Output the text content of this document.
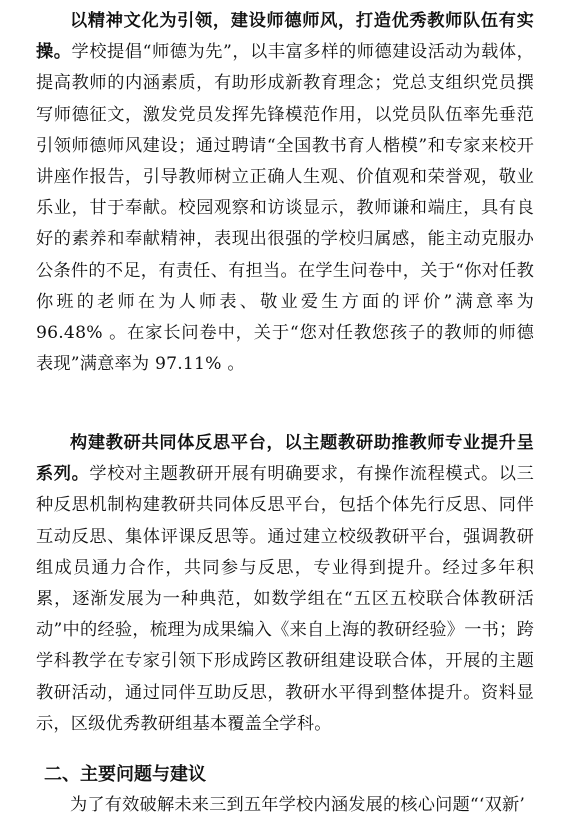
以精神文化为引领，建设师德师风，打造优秀教师队伍有实操。学校提倡“师德为先”，以丰富多样的师德建设活动为载体，提高教师的内涵素质，有助形成新教育理念；党总支组织党员撰写师德征文，激发党员发挥先锋模范作用，以党员队伍率先垂范引领师德师风建设；通过聘请“全国教书育人楷模”和专家来校开讲座作报告，引导教师树立正确人生观、价值观和荣誉观，敬业乐业，甘于奉献。校园观察和访谈显示，教师谦和端庄，具有良好的素养和奉献精神，表现出很强的学校归属感，能主动克服办公条件的不足，有责任、有担当。在学生问卷中，关于“你对任教你班的老师在为人师表、敬业爱生方面的评价”满意率为 96.48% 。在家长问卷中，关于“您对任教您孩子的教师的师德表现”满意率为 97.11% 。

构建教研共同体反思平台，以主题教研助推教师专业提升呈系列。学校对主题教研开展有明确要求，有操作流程模式。以三种反思机制构建教研共同体反思平台，包括个体先行反思、同伴互动反思、集体评课反思等。通过建立校级教研平台，强调教研组成员通力合作，共同参与反思，专业得到提升。经过多年积累，逐渐发展为一种典范，如数学组在“五区五校联合体教研活动”中的经验，梳理为成果编入《来自上海的教研经验》一书；跨学科教学在专家引领下形成跨区教研组建设联合体，开展的主题教研活动，通过同伴互助反思，教研水平得到整体提升。资料显示，区级优秀教研组基本覆盖全学科。

二、主要问题与建议

为了有效破解未来三到五年学校内涵发展的核心问题“‘双新’
